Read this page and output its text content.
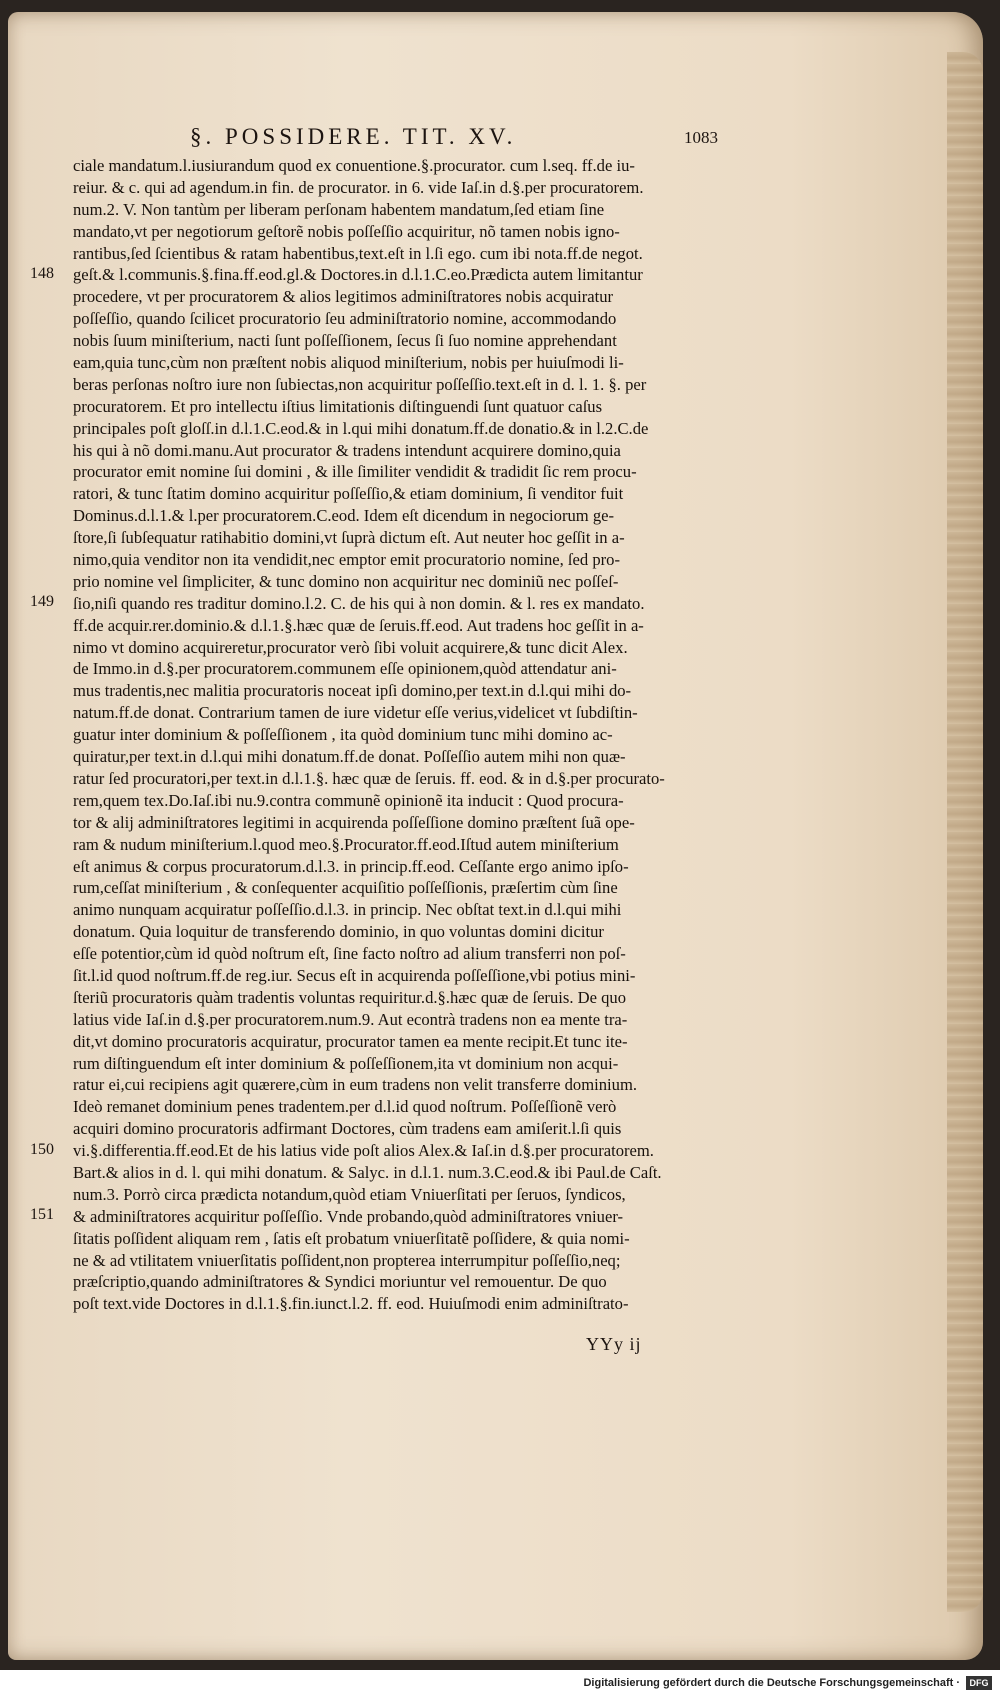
§. POSSIDERE. TIT. XV.	1083
ciale mandatum.l.iusiurandum quod ex conuentione.§.procurator. cum l.seq. ff.de iu-
reiur. & c. qui ad agendum.in fin. de procurator. in 6. vide Iaſ.in d.§.per procuratorem.
num.2. V. Non tantùm per liberam perſonam habentem mandatum,ſed etiam ſine
mandato,vt per negotiorum geſtorẽ nobis poſſeſſio acquiritur, nõ tamen nobis igno-
rantibus,ſed ſcientibus & ratam habentibus,text.eſt in l.ſi ego. cum ibi nota.ff.de negot.
geſt.& l.communis.§.fina.ff.eod.gl.& Doctores.in d.l.1.C.eo.Prædicta autem limitantur
procedere, vt per procuratorem & alios legitimos adminiſtratores nobis acquiratur
poſſeſſio, quando ſcilicet procuratorio ſeu adminiſtratorio nomine, accommodando
nobis ſuum miniſterium, nacti ſunt poſſeſſionem, ſecus ſi ſuo nomine apprehendant
eam,quia tunc,cùm non præſtent nobis aliquod miniſterium, nobis per huiuſmodi li-
beras perſonas noſtro iure non ſubiectas,non acquiritur poſſeſſio.text.eſt in d. l. 1. §. per
procuratorem. Et pro intellectu iſtius limitationis diſtinguendi ſunt quatuor caſus
principales poſt gloſſ.in d.l.1.C.eod.& in l.qui mihi donatum.ff.de donatio.& in l.2.C.de
his qui à nõ domi.manu.Aut procurator & tradens intendunt acquirere domino,quia
procurator emit nomine ſui domini , & ille ſimiliter vendidit & tradidit ſic rem procu-
ratori, & tunc ſtatim domino acquiritur poſſeſſio,& etiam dominium, ſi venditor fuit
Dominus.d.l.1.& l.per procuratorem.C.eod. Idem eſt dicendum in negociorum ge-
ſtore,ſi ſubſequatur ratihabitio domini,vt ſuprà dictum eſt. Aut neuter hoc geſſit in a-
nimo,quia venditor non ita vendidit,nec emptor emit procuratorio nomine, ſed pro-
prio nomine vel ſimpliciter, & tunc domino non acquiritur nec dominiũ nec poſſeſ-
ſio,niſi quando res traditur domino.l.2. C. de his qui à non domin. & l. res ex mandato.
ff.de acquir.rer.dominio.& d.l.1.§.hæc quæ de ſeruis.ff.eod. Aut tradens hoc geſſit in a-
nimo vt domino acquireretur,procurator verò ſibi voluit acquirere,& tunc dicit Alex.
de Immo.in d.§.per procuratorem.communem eſſe opinionem,quòd attendatur ani-
mus tradentis,nec malitia procuratoris noceat ipſi domino,per text.in d.l.qui mihi do-
natum.ff.de donat. Contrarium tamen de iure videtur eſſe verius,videlicet vt ſubdiſtin-
guatur inter dominium & poſſeſſionem , ita quòd dominium tunc mihi domino ac-
quiratur,per text.in d.l.qui mihi donatum.ff.de donat. Poſſeſſio autem mihi non quæ-
ratur ſed procuratori,per text.in d.l.1.§. hæc quæ de ſeruis. ff. eod. & in d.§.per procurato-
rem,quem tex.Do.Iaſ.ibi nu.9.contra communẽ opinionẽ ita inducit : Quod procura-
tor & alij adminiſtratores legitimi in acquirenda poſſeſſione domino præſtent ſuã ope-
ram & nudum miniſterium.l.quod meo.§.Procurator.ff.eod.Iſtud autem miniſterium
eſt animus & corpus procuratorum.d.l.3. in princip.ff.eod. Ceſſante ergo animo ipſo-
rum,ceſſat miniſterium , & conſequenter acquiſitio poſſeſſionis, præſertim cùm ſine
animo nunquam acquiratur poſſeſſio.d.l.3. in princip. Nec obſtat text.in d.l.qui mihi
donatum. Quia loquitur de transferendo dominio, in quo voluntas domini dicitur
eſſe potentior,cùm id quòd noſtrum eſt, ſine facto noſtro ad alium transferri non poſ-
ſit.l.id quod noſtrum.ff.de reg.iur. Secus eſt in acquirenda poſſeſſione,vbi potius mini-
ſteriũ procuratoris quàm tradentis voluntas requiritur.d.§.hæc quæ de ſeruis. De quo
latius vide Iaſ.in d.§.per procuratorem.num.9. Aut econtrà tradens non ea mente tra-
dit,vt domino procuratoris acquiratur, procurator tamen ea mente recipit.Et tunc ite-
rum diſtinguendum eſt inter dominium & poſſeſſionem,ita vt dominium non acqui-
ratur ei,cui recipiens agit quærere,cùm in eum tradens non velit transferre dominium.
Ideò remanet dominium penes tradentem.per d.l.id quod noſtrum. Poſſeſſionẽ verò
acquiri domino procuratoris adfirmant Doctores, cùm tradens eam amiſerit.l.ſi quis
vi.§.differentia.ff.eod.Et de his latius vide poſt alios Alex.& Iaſ.in d.§.per procuratorem.
Bart.& alios in d. l. qui mihi donatum. & Salyc. in d.l.1. num.3.C.eod.& ibi Paul.de Caſt.
num.3. Porrò circa prædicta notandum,quòd etiam Vniuerſitati per ſeruos, ſyndicos,
& adminiſtratores acquiritur poſſeſſio. Vnde probando,quòd adminiſtratores vniuer-
ſitatis poſſident aliquam rem , ſatis eſt probatum vniuerſitatẽ poſſidere, & quia nomi-
ne & ad vtilitatem vniuerſitatis poſſident,non propterea interrumpitur poſſeſſio,neq;
præſcriptio,quando adminiſtratores & Syndici moriuntur vel remouentur. De quo
poſt text.vide Doctores in d.l.1.§.fin.iunct.l.2. ff. eod. Huiuſmodi enim adminiſtrato-
148
149
150
151
YYy ij
Digitalisierung gefördert durch die Deutsche Forschungsgemeinschaft ·	DFG
